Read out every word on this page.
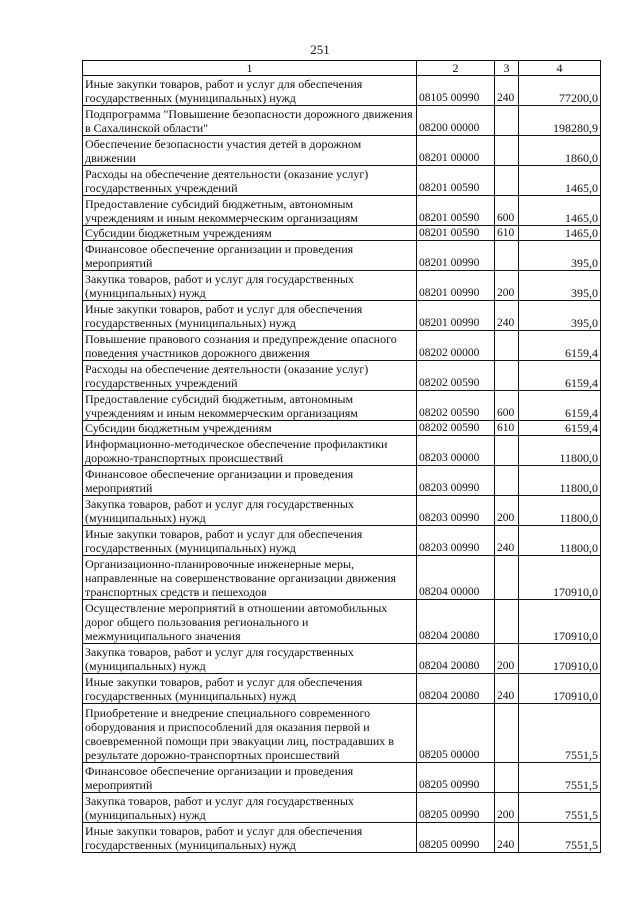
251
1	2	3	4
Иные закупки товаров, работ и услуг для обеспечения государственных (муниципальных) нужд	08105 00990	240	77200,0
Подпрограмма "Повышение безопасности дорожного движения в Сахалинской области"	08200 00000		198280,9
Обеспечение безопасности участия детей в дорожном движении	08201 00000		1860,0
Расходы на обеспечение деятельности (оказание услуг) государственных учреждений	08201 00590		1465,0
Предоставление субсидий бюджетным, автономным учреждениям и иным некоммерческим организациям	08201 00590	600	1465,0
Субсидии бюджетным учреждениям	08201 00590	610	1465,0
Финансовое обеспечение организации и проведения мероприятий	08201 00990		395,0
Закупка товаров, работ и услуг для государственных (муниципальных) нужд	08201 00990	200	395,0
Иные закупки товаров, работ и услуг для обеспечения государственных (муниципальных) нужд	08201 00990	240	395,0
Повышение правового сознания и предупреждение опасного поведения участников дорожного движения	08202 00000		6159,4
Расходы на обеспечение деятельности (оказание услуг) государственных учреждений	08202 00590		6159,4
Предоставление субсидий бюджетным, автономным учреждениям и иным некоммерческим организациям	08202 00590	600	6159,4
Субсидии бюджетным учреждениям	08202 00590	610	6159,4
Информационно-методическое обеспечение профилактики дорожно-транспортных происшествий	08203 00000		11800,0
Финансовое обеспечение организации и проведения мероприятий	08203 00990		11800,0
Закупка товаров, работ и услуг для государственных (муниципальных) нужд	08203 00990	200	11800,0
Иные закупки товаров, работ и услуг для обеспечения государственных (муниципальных) нужд	08203 00990	240	11800,0
Организационно-планировочные инженерные меры, направленные на совершенствование организации движения транспортных средств и пешеходов	08204 00000		170910,0
Осуществление мероприятий в отношении автомобильных дорог общего пользования регионального и межмуниципального значения	08204 20080		170910,0
Закупка товаров, работ и услуг для государственных (муниципальных) нужд	08204 20080	200	170910,0
Иные закупки товаров, работ и услуг для обеспечения государственных (муниципальных) нужд	08204 20080	240	170910,0
Приобретение и внедрение специального современного оборудования и приспособлений для оказания первой и своевременной помощи при эвакуации лиц, пострадавших в результате дорожно-транспортных происшествий	08205 00000		7551,5
Финансовое обеспечение организации и проведения мероприятий	08205 00990		7551,5
Закупка товаров, работ и услуг для государственных (муниципальных) нужд	08205 00990	200	7551,5
Иные закупки товаров, работ и услуг для обеспечения государственных (муниципальных) нужд	08205 00990	240	7551,5
